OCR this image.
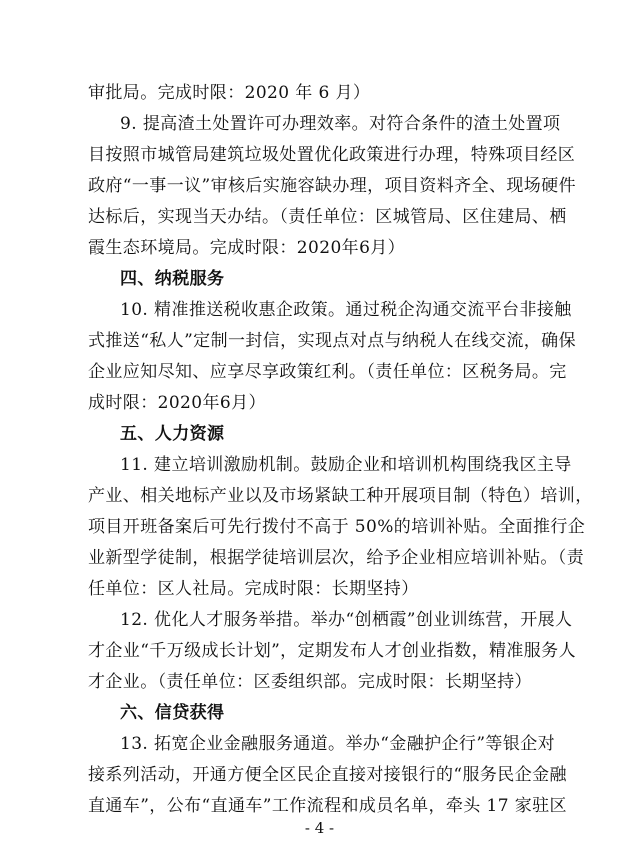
审批局。完成时限：2020 年 6 月）
9. 提高渣土处置许可办理效率。对符合条件的渣土处置项
目按照市城管局建筑垃圾处置优化政策进行办理，特殊项目经区
政府“一事一议”审核后实施容缺办理，项目资料齐全、现场硬件
达标后，实现当天办结。（责任单位：区城管局、区住建局、栖
霞生态环境局。完成时限：2020年6月）
四、纳税服务
10. 精准推送税收惠企政策。通过税企沟通交流平台非接触
式推送“私人”定制一封信，实现点对点与纳税人在线交流，确保
企业应知尽知、应享尽享政策红利。（责任单位：区税务局。完
成时限：2020年6月）
五、人力资源
11. 建立培训激励机制。鼓励企业和培训机构围绕我区主导
产业、相关地标产业以及市场紧缺工种开展项目制（特色）培训，
项目开班备案后可先行拨付不高于 50%的培训补贴。全面推行企
业新型学徒制，根据学徒培训层次，给予企业相应培训补贴。（责
任单位：区人社局。完成时限：长期坚持）
12. 优化人才服务举措。举办“创栖霞”创业训练营，开展人
才企业“千万级成长计划”，定期发布人才创业指数，精准服务人
才企业。（责任单位：区委组织部。完成时限：长期坚持）
六、信贷获得
13. 拓宽企业金融服务通道。举办“金融护企行”等银企对
接系列活动，开通方便全区民企直接对接银行的“服务民企金融
直通车”，公布“直通车”工作流程和成员名单，牵头 17 家驻区
- 4 -
